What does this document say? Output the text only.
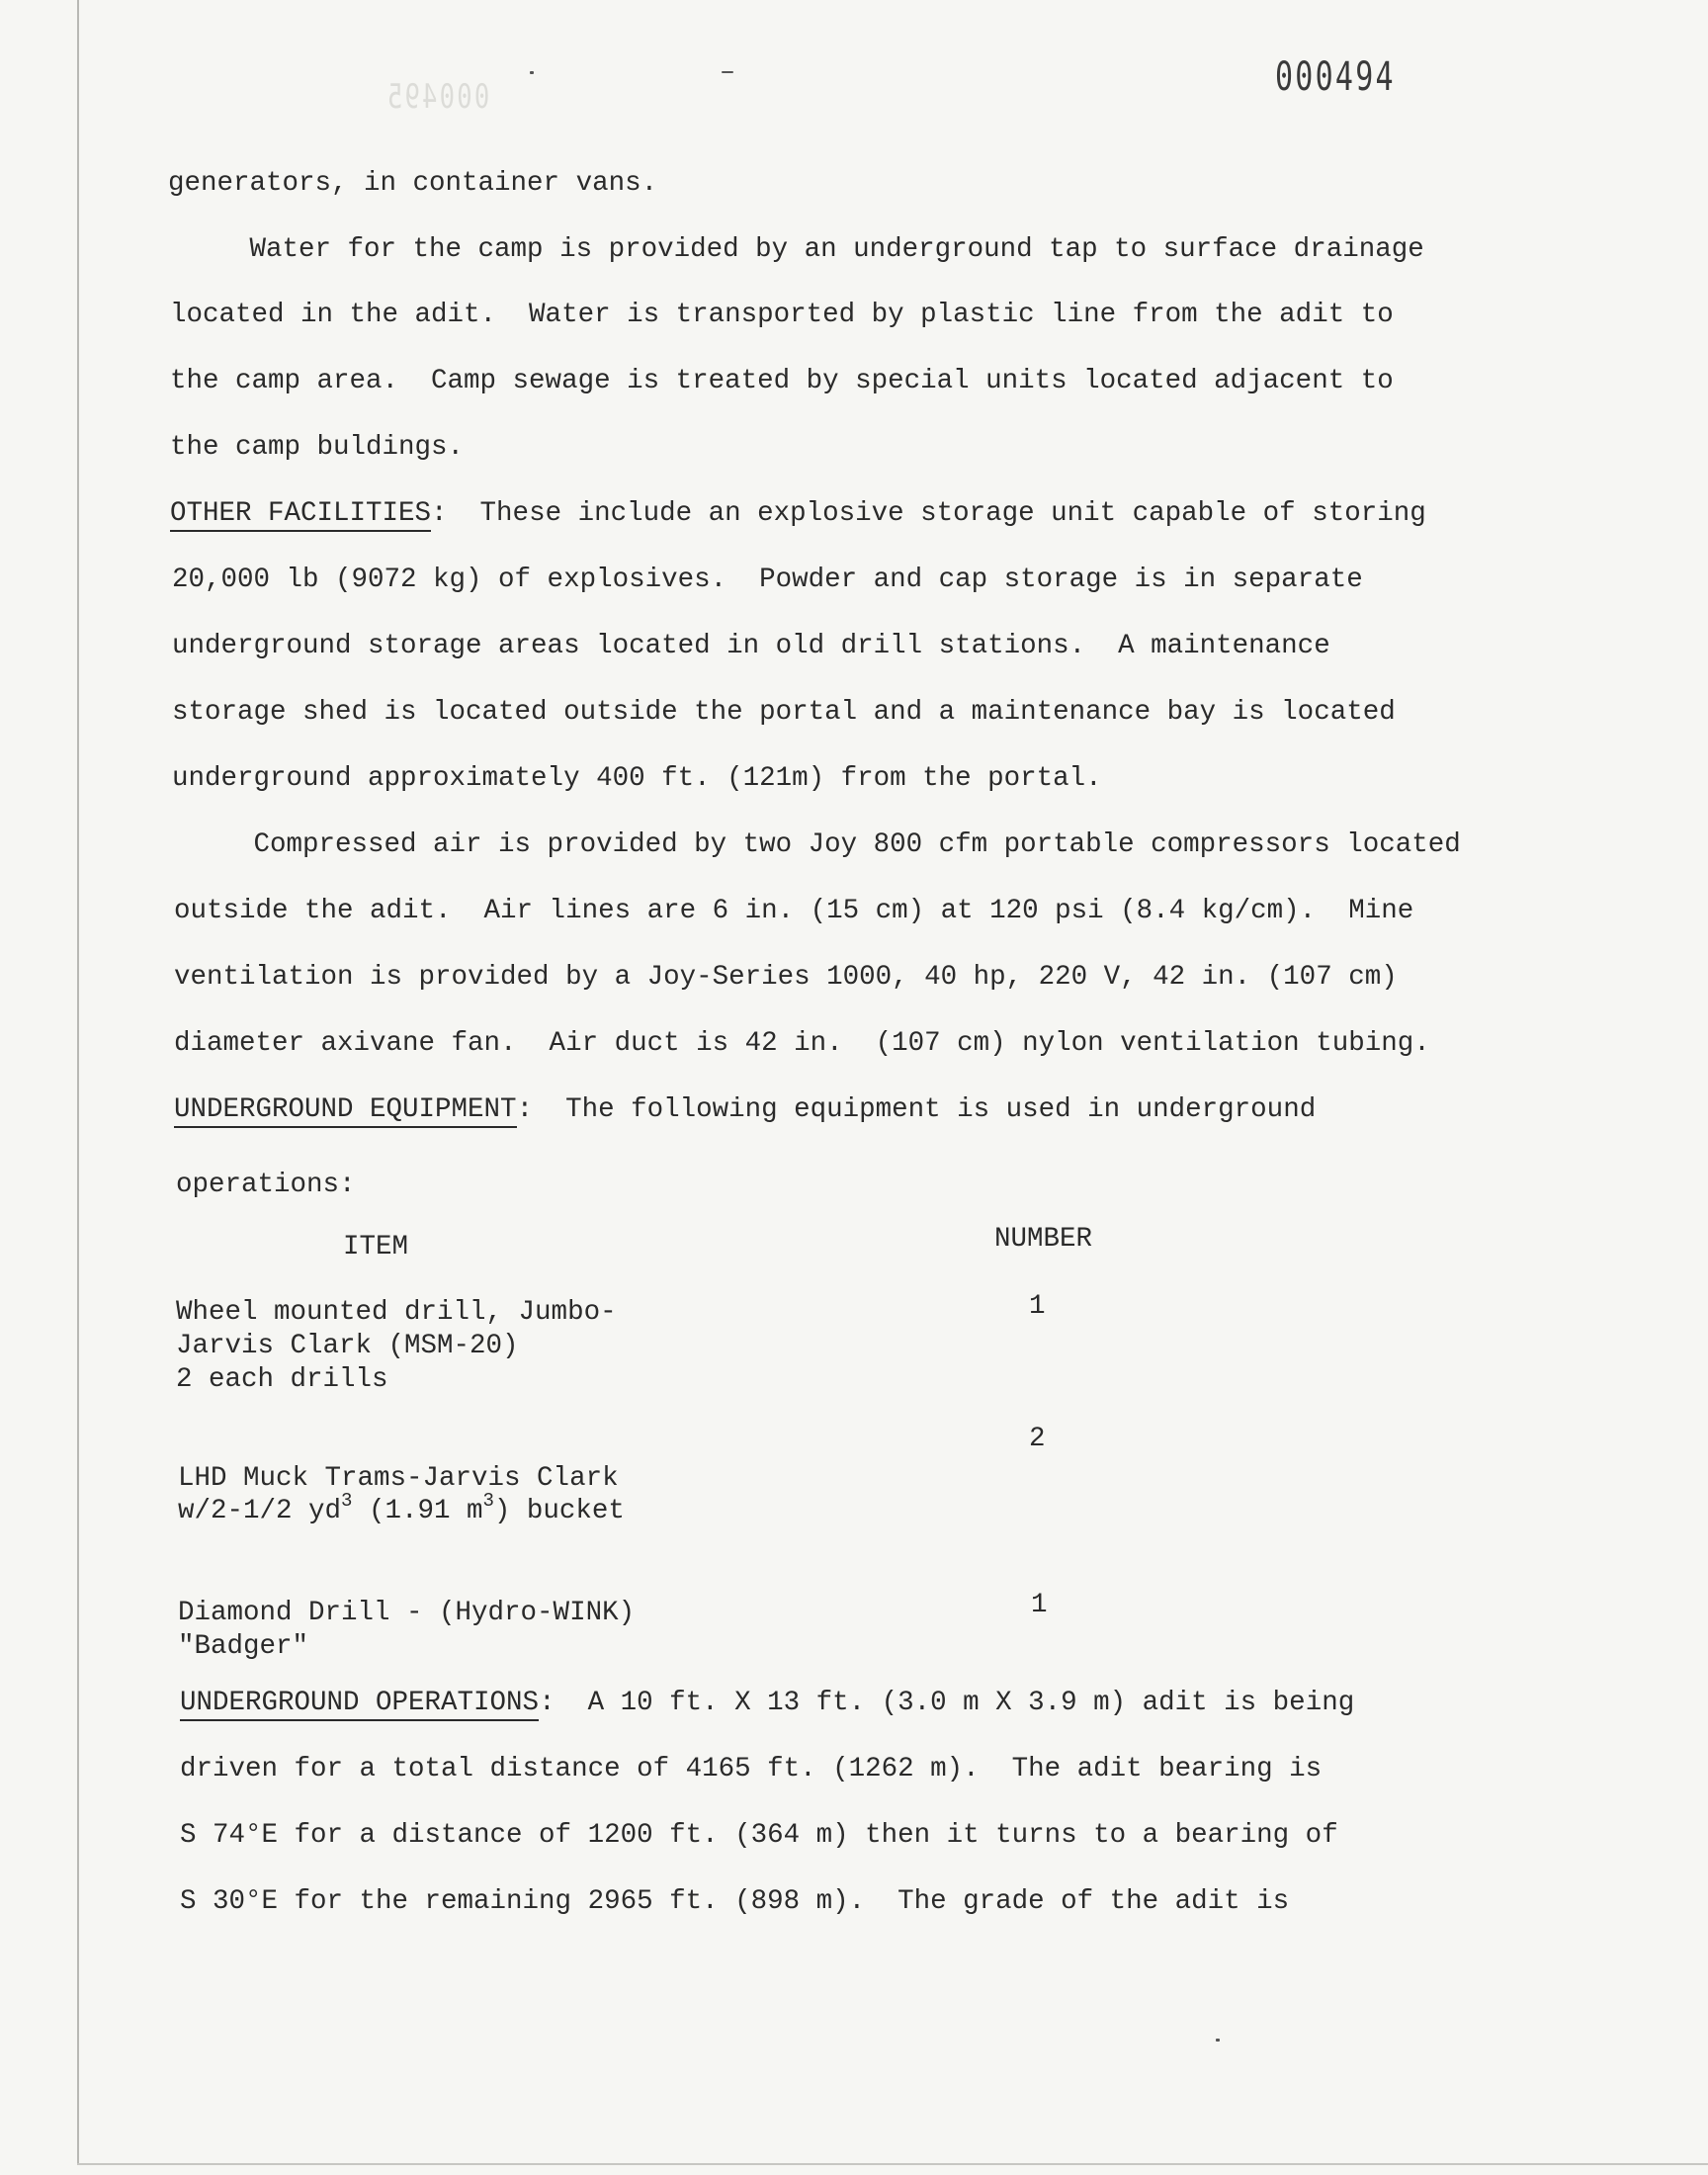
000495	000494
generators, in container vans.
Water for the camp is provided by an underground tap to surface drainage
located in the adit.  Water is transported by plastic line from the adit to
the camp area.  Camp sewage is treated by special units located adjacent to
the camp buldings.
OTHER FACILITIES:  These include an explosive storage unit capable of storing
20,000 lb (9072 kg) of explosives.  Powder and cap storage is in separate
underground storage areas located in old drill stations.  A maintenance
storage shed is located outside the portal and a maintenance bay is located
underground approximately 400 ft. (121m) from the portal.
Compressed air is provided by two Joy 800 cfm portable compressors located
outside the adit.  Air lines are 6 in. (15 cm) at 120 psi (8.4 kg/cm).  Mine
ventilation is provided by a Joy-Series 1000, 40 hp, 220 V, 42 in. (107 cm)
diameter axivane fan.  Air duct is 42 in.  (107 cm) nylon ventilation tubing.
UNDERGROUND EQUIPMENT:  The following equipment is used in underground
operations:
ITEM	NUMBER
Wheel mounted drill, Jumbo-
Jarvis Clark (MSM-20)
2 each drills
1
2
LHD Muck Trams-Jarvis Clark
w/2-1/2 $yd^3$ (1.91 $m^3$) bucket
Diamond Drill - (Hydro-WINK)
"Badger"
1
UNDERGROUND OPERATIONS:  A 10 ft. X 13 ft. (3.0 m X 3.9 m) adit is being
driven for a total distance of 4165 ft. (1262 m).  The adit bearing is
S 74°E for a distance of 1200 ft. (364 m) then it turns to a bearing of
S 30°E for the remaining 2965 ft. (898 m).  The grade of the adit is
